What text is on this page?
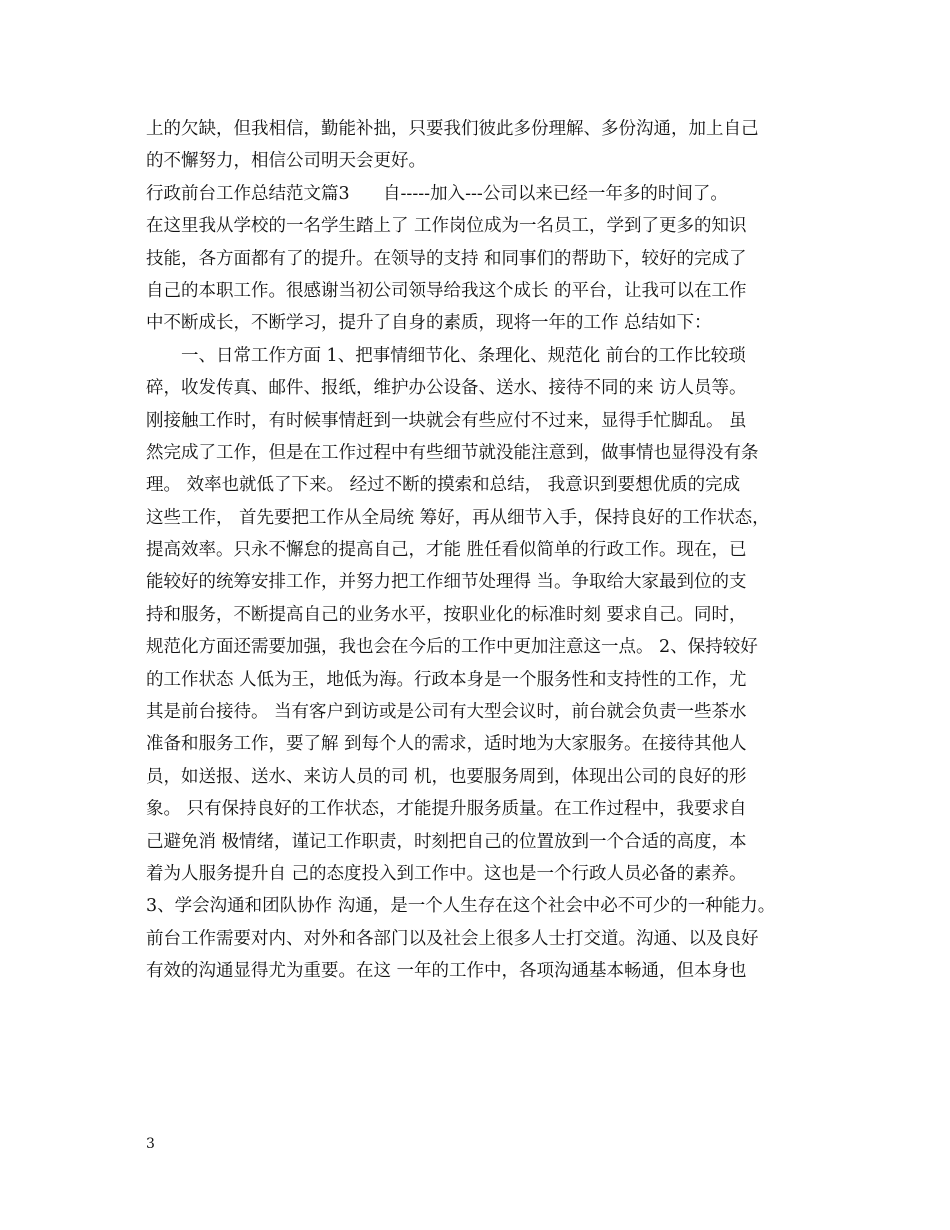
上的欠缺，但我相信，勤能补拙，只要我们彼此多份理解、多份沟通，加上自己
的不懈努力，相信公司明天会更好。
行政前台工作总结范文篇3      自-----加入---公司以来已经一年多的时间了。
在这里我从学校的一名学生踏上了 工作岗位成为一名员工，学到了更多的知识
技能，各方面都有了的提升。在领导的支持 和同事们的帮助下，较好的完成了
自己的本职工作。很感谢当初公司领导给我这个成长 的平台，让我可以在工作
中不断成长，不断学习，提升了自身的素质，现将一年的工作 总结如下：
一、日常工作方面 1、把事情细节化、条理化、规范化 前台的工作比较琐
碎，收发传真、邮件、报纸，维护办公设备、送水、接待不同的来 访人员等。
刚接触工作时，有时候事情赶到一块就会有些应付不过来，显得手忙脚乱。 虽
然完成了工作，但是在工作过程中有些细节就没能注意到，做事情也显得没有条
理。 效率也就低了下来。 经过不断的摸索和总结， 我意识到要想优质的完成
这些工作， 首先要把工作从全局统 筹好，再从细节入手，保持良好的工作状态，
提高效率。只永不懈怠的提高自己，才能 胜任看似简单的行政工作。现在，已
能较好的统筹安排工作，并努力把工作细节处理得 当。争取给大家最到位的支
持和服务，不断提高自己的业务水平，按职业化的标准时刻 要求自己。同时，
规范化方面还需要加强，我也会在今后的工作中更加注意这一点。 2、保持较好
的工作状态 人低为王，地低为海。行政本身是一个服务性和支持性的工作，尤
其是前台接待。 当有客户到访或是公司有大型会议时，前台就会负责一些茶水
准备和服务工作，要了解 到每个人的需求，适时地为大家服务。在接待其他人
员，如送报、送水、来访人员的司 机，也要服务周到，体现出公司的良好的形
象。 只有保持良好的工作状态，才能提升服务质量。在工作过程中，我要求自
己避免消 极情绪，谨记工作职责，时刻把自己的位置放到一个合适的高度，本
着为人服务提升自 己的态度投入到工作中。这也是一个行政人员必备的素养。
3、学会沟通和团队协作 沟通，是一个人生存在这个社会中必不可少的一种能力。
前台工作需要对内、对外和各部门以及社会上很多人士打交道。沟通、以及良好
有效的沟通显得尤为重要。在这 一年的工作中，各项沟通基本畅通，但本身也
3
